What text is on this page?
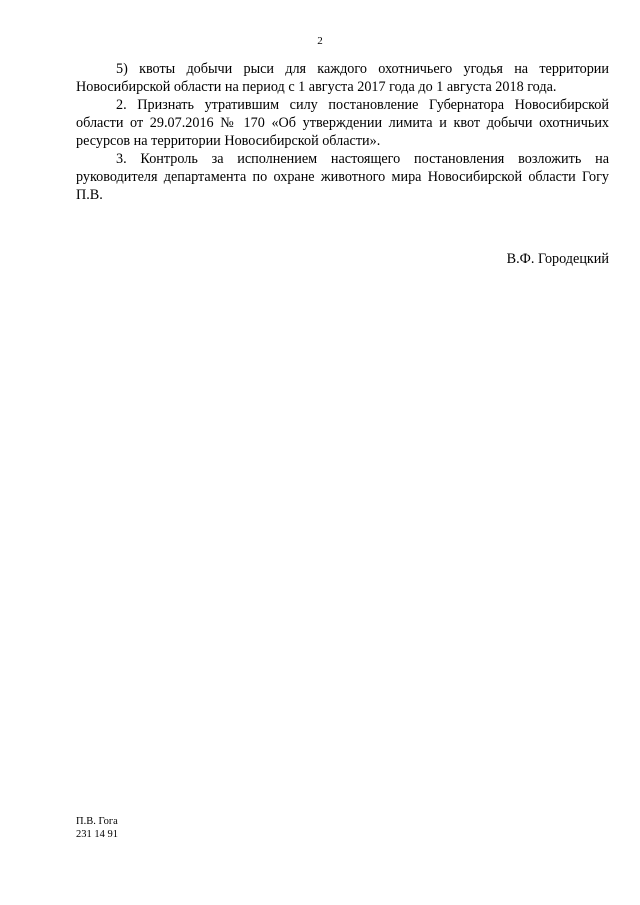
2

5) квоты добычи рыси для каждого охотничьего угодья на территории Новосибирской области на период с 1 августа 2017 года до 1 августа 2018 года.

2. Признать утратившим силу постановление Губернатора Новосибирской области от 29.07.2016 № 170 «Об утверждении лимита и квот добычи охотничьих ресурсов на территории Новосибирской области».

3. Контроль за исполнением настоящего постановления возложить на руководителя департамента по охране животного мира Новосибирской области Гогу П.В.

В.Ф. Городецкий
П.В. Гога
231 14 91
